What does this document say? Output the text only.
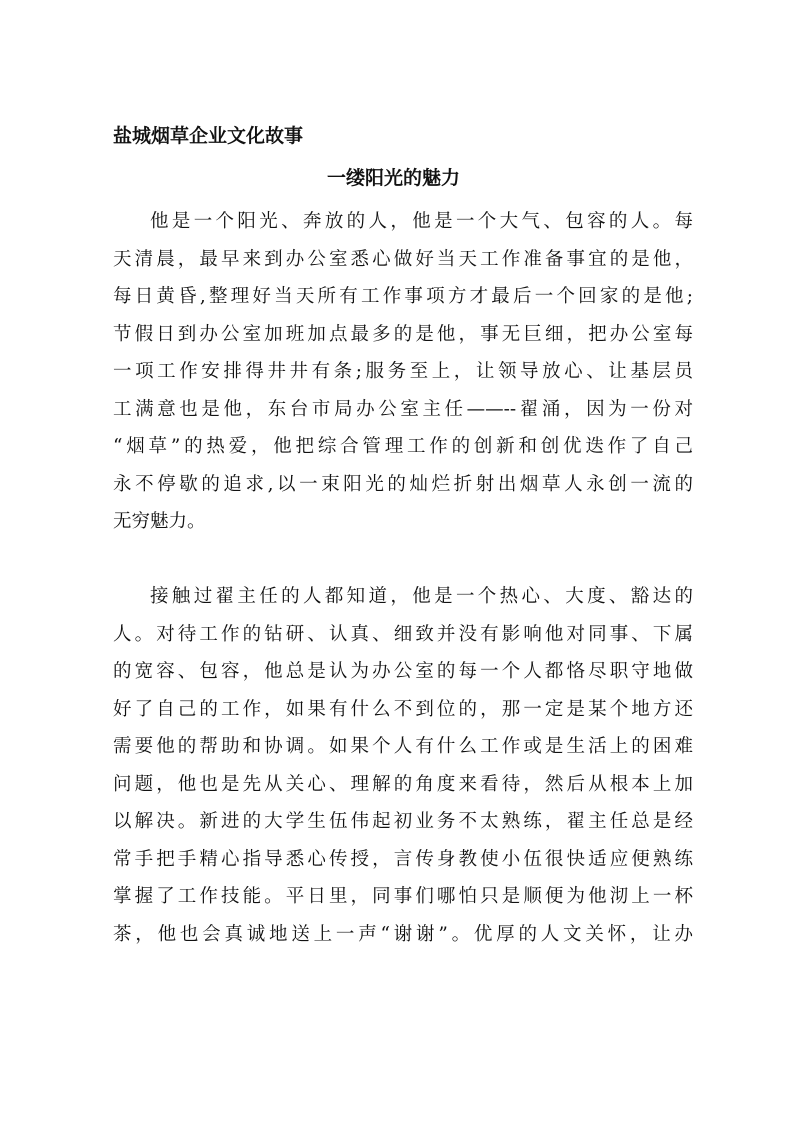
盐城烟草企业文化故事
一缕阳光的魅力
他是一个阳光、奔放的人，他是一个大气、包容的人。每
天清晨，最早来到办公室悉心做好当天工作准备事宜的是他，
每日黄昏,整理好当天所有工作事项方才最后一个回家的是他;
节假日到办公室加班加点最多的是他，事无巨细，把办公室每
一项工作安排得井井有条;服务至上，让领导放心、让基层员
工满意也是他，东台市局办公室主任——--翟涌，因为一份对
“烟草”的热爱，他把综合管理工作的创新和创优迭作了自己
永不停歇的追求,以一束阳光的灿烂折射出烟草人永创一流的
无穷魅力。
接触过翟主任的人都知道，他是一个热心、大度、豁达的
人。对待工作的钻研、认真、细致并没有影响他对同事、下属
的宽容、包容，他总是认为办公室的每一个人都恪尽职守地做
好了自己的工作，如果有什么不到位的，那一定是某个地方还
需要他的帮助和协调。如果个人有什么工作或是生活上的困难
问题，他也是先从关心、理解的角度来看待，然后从根本上加
以解决。新进的大学生伍伟起初业务不太熟练，翟主任总是经
常手把手精心指导悉心传授，言传身教使小伍很快适应便熟练
掌握了工作技能。平日里，同事们哪怕只是顺便为他沏上一杯
茶，他也会真诚地送上一声“谢谢”。优厚的人文关怀，让办
